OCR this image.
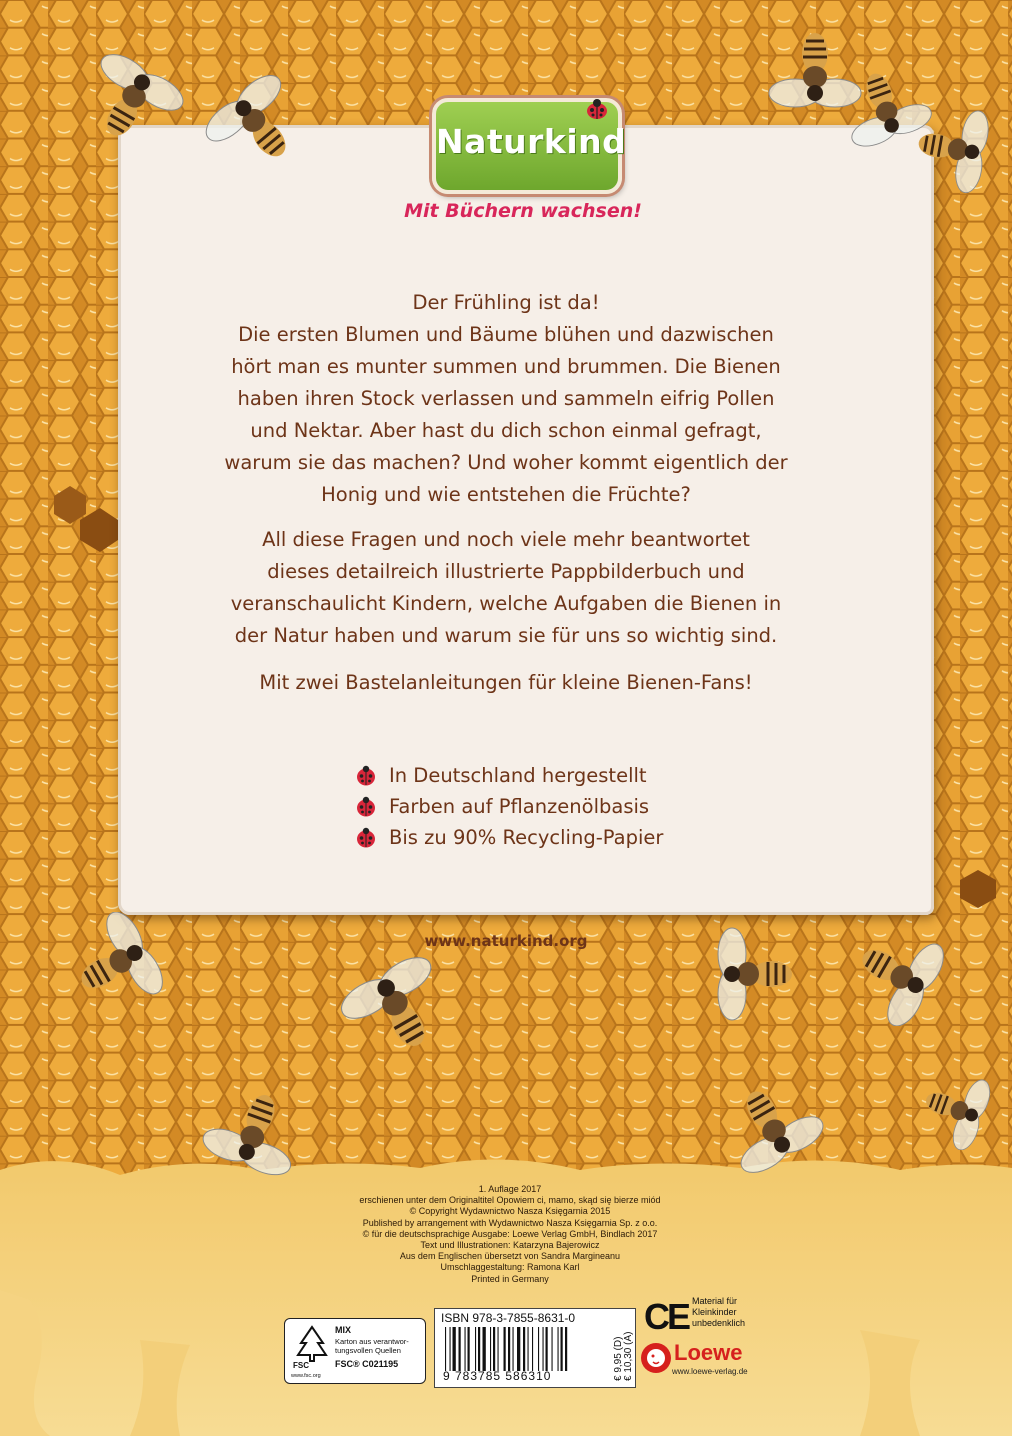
Naturkind
Mit Büchern wachsen!
Der Frühling ist da!
Die ersten Blumen und Bäume blühen und dazwischen
hört man es munter summen und brummen. Die Bienen
haben ihren Stock verlassen und sammeln eifrig Pollen
und Nektar. Aber hast du dich schon einmal gefragt,
warum sie das machen? Und woher kommt eigentlich der
Honig und wie entstehen die Früchte?
All diese Fragen und noch viele mehr beantwortet
dieses detailreich illustrierte Pappbilderbuch und
veranschaulicht Kindern, welche Aufgaben die Bienen in
der Natur haben und warum sie für uns so wichtig sind.
Mit zwei Bastelanleitungen für kleine Bienen-Fans!
In Deutschland hergestellt
Farben auf Pflanzenölbasis
Bis zu 90% Recycling-Papier
www.naturkind.org
1. Auflage 2017
erschienen unter dem Originaltitel Opowiem ci, mamo, skąd się bierze miód
© Copyright Wydawnictwo Nasza Księgarnia 2015
Published by arrangement with Wydawnictwo Nasza Księgarnia Sp. z o.o.
© für die deutschsprachige Ausgabe: Loewe Verlag GmbH, Bindlach 2017
Text und Illustrationen: Katarzyna Bajerowicz
Aus dem Englischen übersetzt von Sandra Margineanu
Umschlaggestaltung: Ramona Karl
Printed in Germany
FSC
www.fsc.org
MIX
Karton aus verantwor-
tungsvollen Quellen
FSC® C021195
ISBN 978-3-7855-8631-0
9 783785 586310	€ 9,95 (D) € 10,30 (A)
CE Material für
Kleinkinder
unbedenklich
Loewe
www.loewe-verlag.de
